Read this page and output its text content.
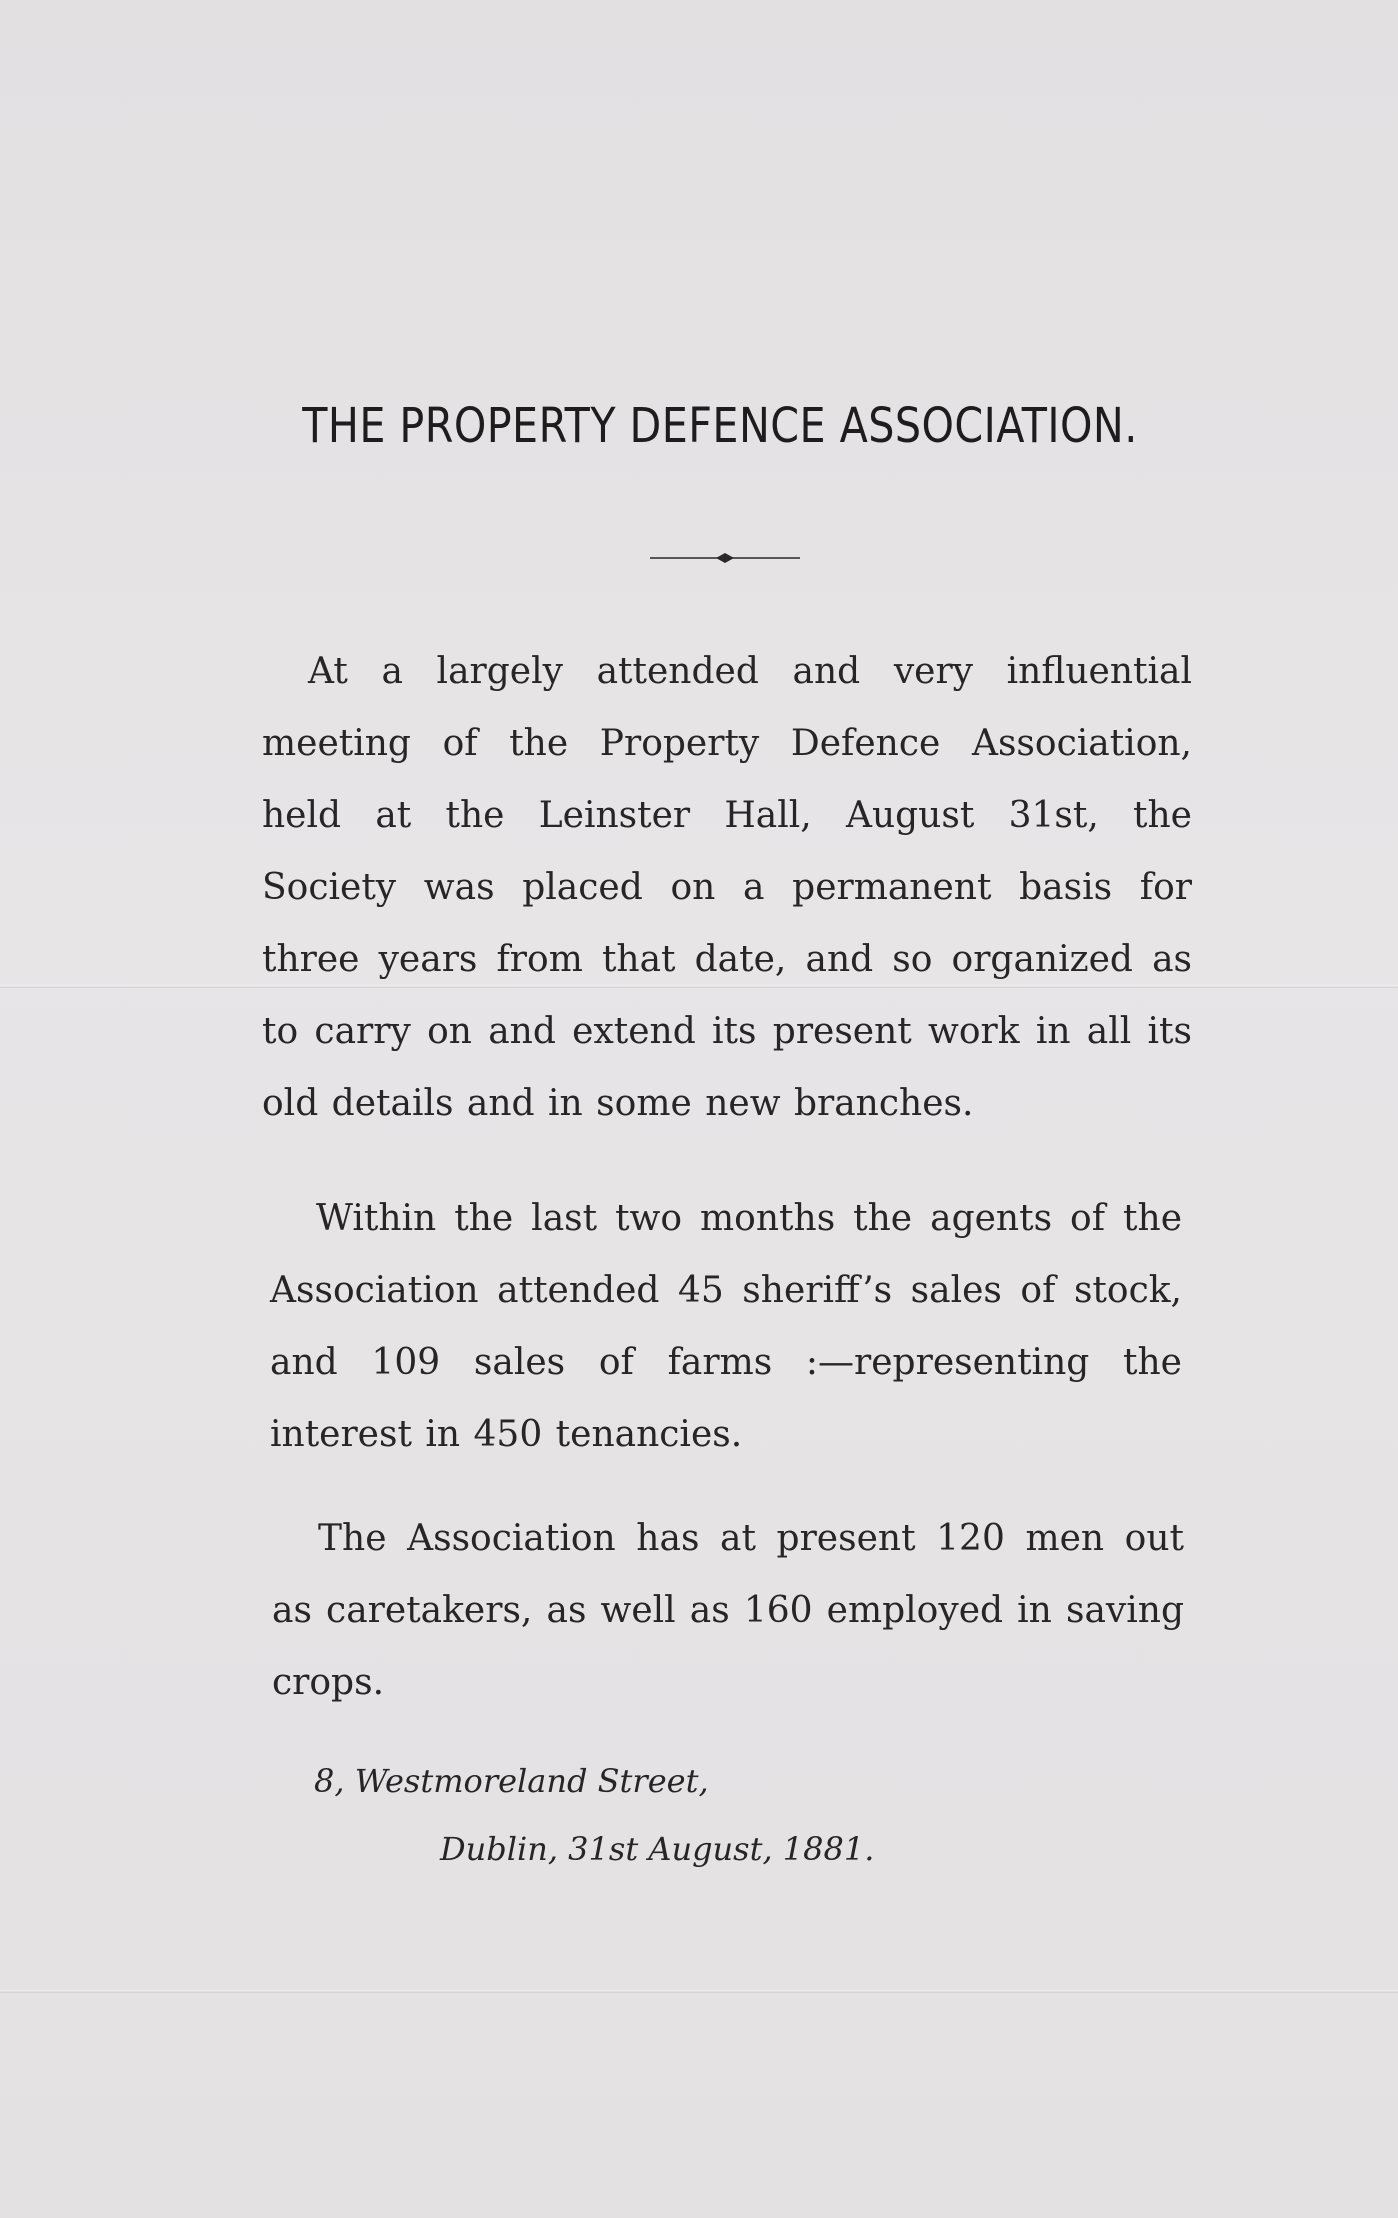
THE PROPERTY DEFENCE ASSOCIATION.

At a largely attended and very influential meeting of the Property Defence Association, held at the Leinster Hall, August 31st, the Society was placed on a permanent basis for three years from that date, and so organized as to carry on and extend its present work in all its old details and in some new branches.

Within the last two months the agents of the Association attended 45 sheriff’s sales of stock, and 109 sales of farms :—representing the interest in 450 tenancies.

The Association has at present 120 men out as caretakers, as well as 160 employed in saving crops.

8, Westmoreland Street,

Dublin, 31st August, 1881.
